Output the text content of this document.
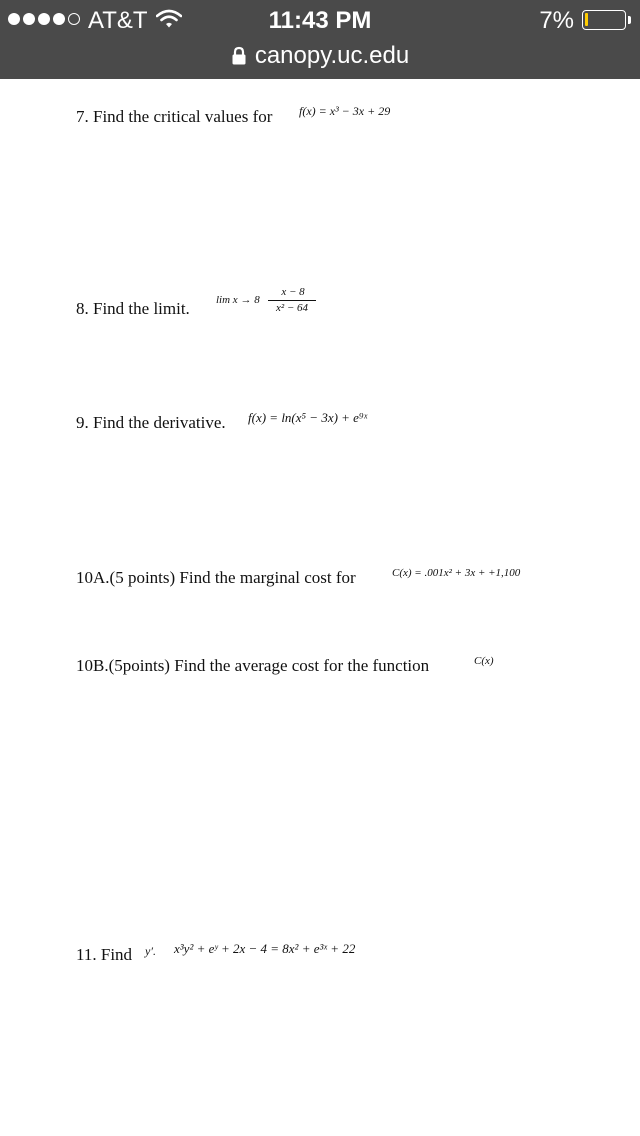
AT&T	11:43 PM	7%
canopy.uc.edu
7. Find the critical values for f(x) = x³ − 3x + 29
8. Find the limit. lim x → 8
x − 8
x² − 64
9. Find the derivative. f(x) = ln(x⁵ − 3x) + e⁹ˣ
10A.(5 points) Find the marginal cost for	C(x) = .001x² + 3x + +1,100
10B.(5points) Find the average cost for the function	C(x)
11. Find y′. x³y² + eʸ + 2x − 4 = 8x² + e³ˣ + 22
